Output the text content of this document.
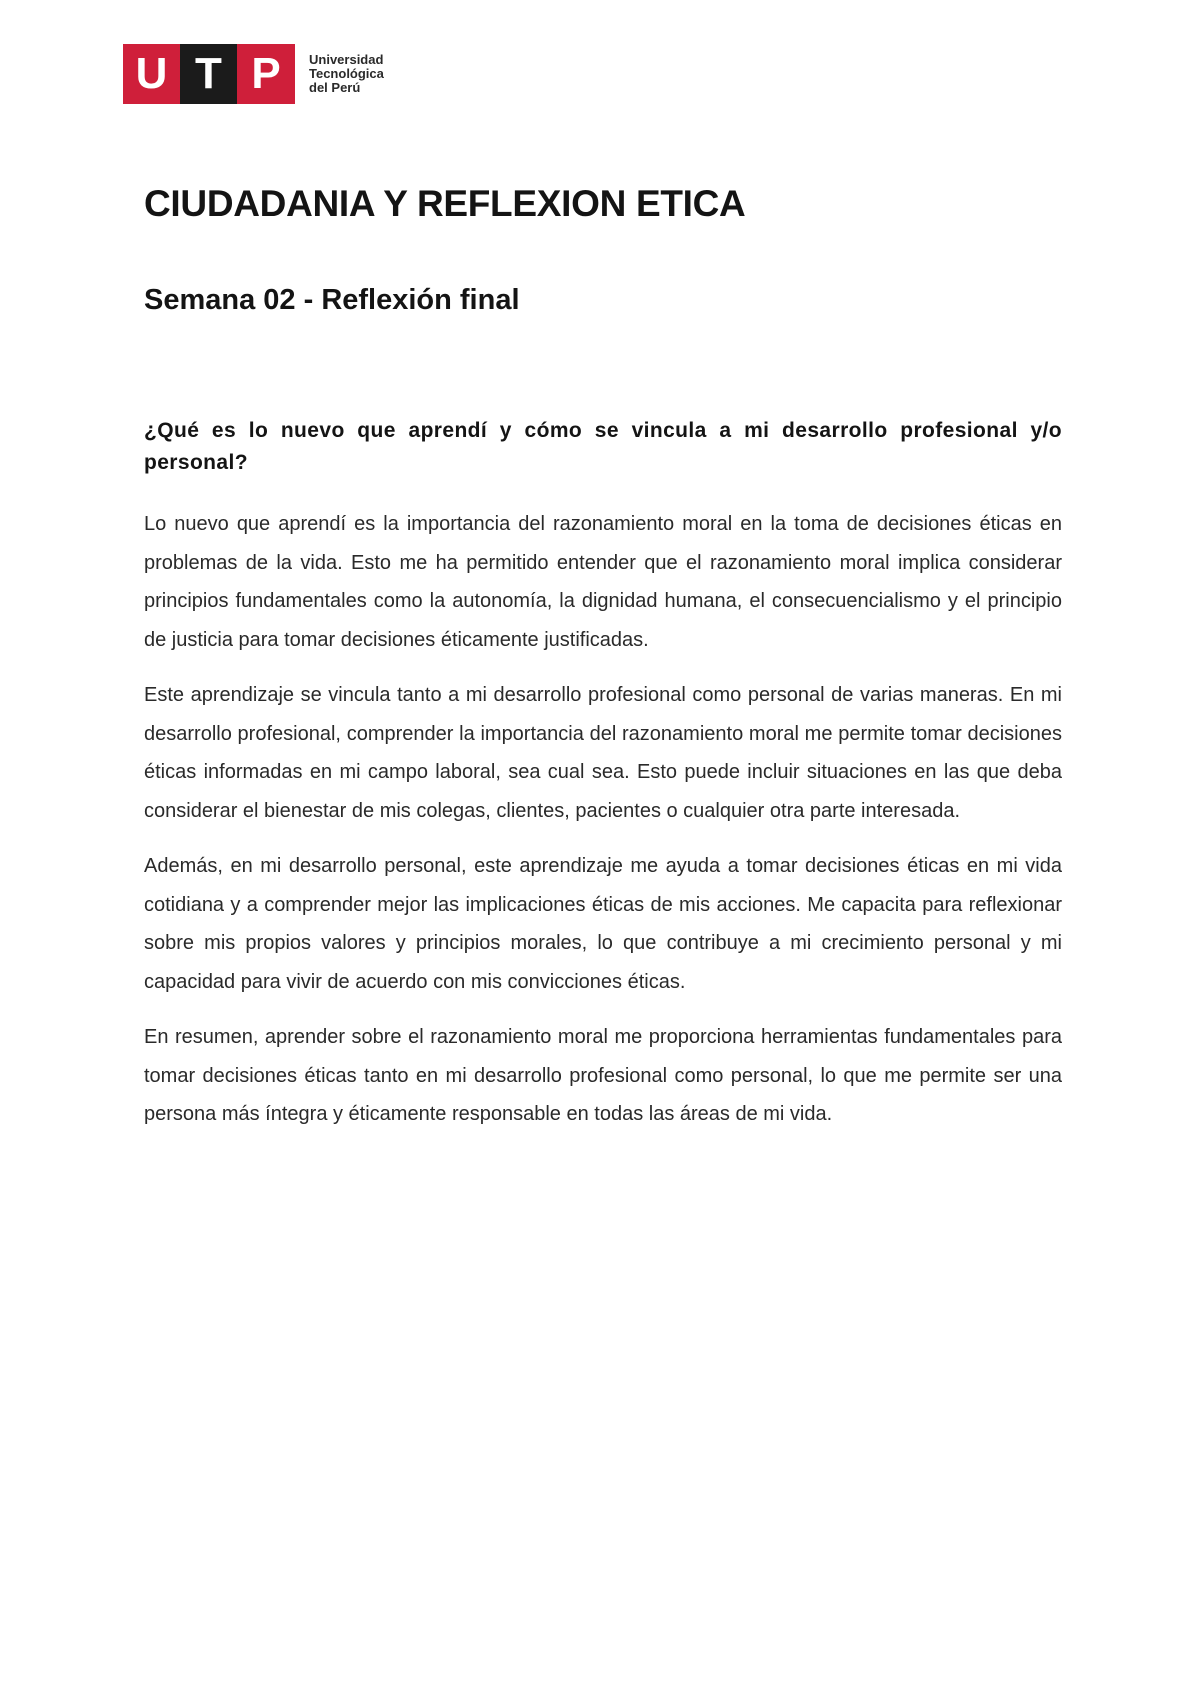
U T P	Universidad
Tecnológica
del Perú
CIUDADANIA Y REFLEXION ETICA
Semana 02 - Reflexión final

¿Qué es lo nuevo que aprendí y cómo se vincula a mi desarrollo profesional y/o personal?

Lo nuevo que aprendí es la importancia del razonamiento moral en la toma de decisiones éticas en problemas de la vida. Esto me ha permitido entender que el razonamiento moral implica considerar principios fundamentales como la autonomía, la dignidad humana, el consecuencialismo y el principio de justicia para tomar decisiones éticamente justificadas.

Este aprendizaje se vincula tanto a mi desarrollo profesional como personal de varias maneras. En mi desarrollo profesional, comprender la importancia del razonamiento moral me permite tomar decisiones éticas informadas en mi campo laboral, sea cual sea. Esto puede incluir situaciones en las que deba considerar el bienestar de mis colegas, clientes, pacientes o cualquier otra parte interesada.

Además, en mi desarrollo personal, este aprendizaje me ayuda a tomar decisiones éticas en mi vida cotidiana y a comprender mejor las implicaciones éticas de mis acciones. Me capacita para reflexionar sobre mis propios valores y principios morales, lo que contribuye a mi crecimiento personal y mi capacidad para vivir de acuerdo con mis convicciones éticas.

En resumen, aprender sobre el razonamiento moral me proporciona herramientas fundamentales para tomar decisiones éticas tanto en mi desarrollo profesional como personal, lo que me permite ser una persona más íntegra y éticamente responsable en todas las áreas de mi vida.
